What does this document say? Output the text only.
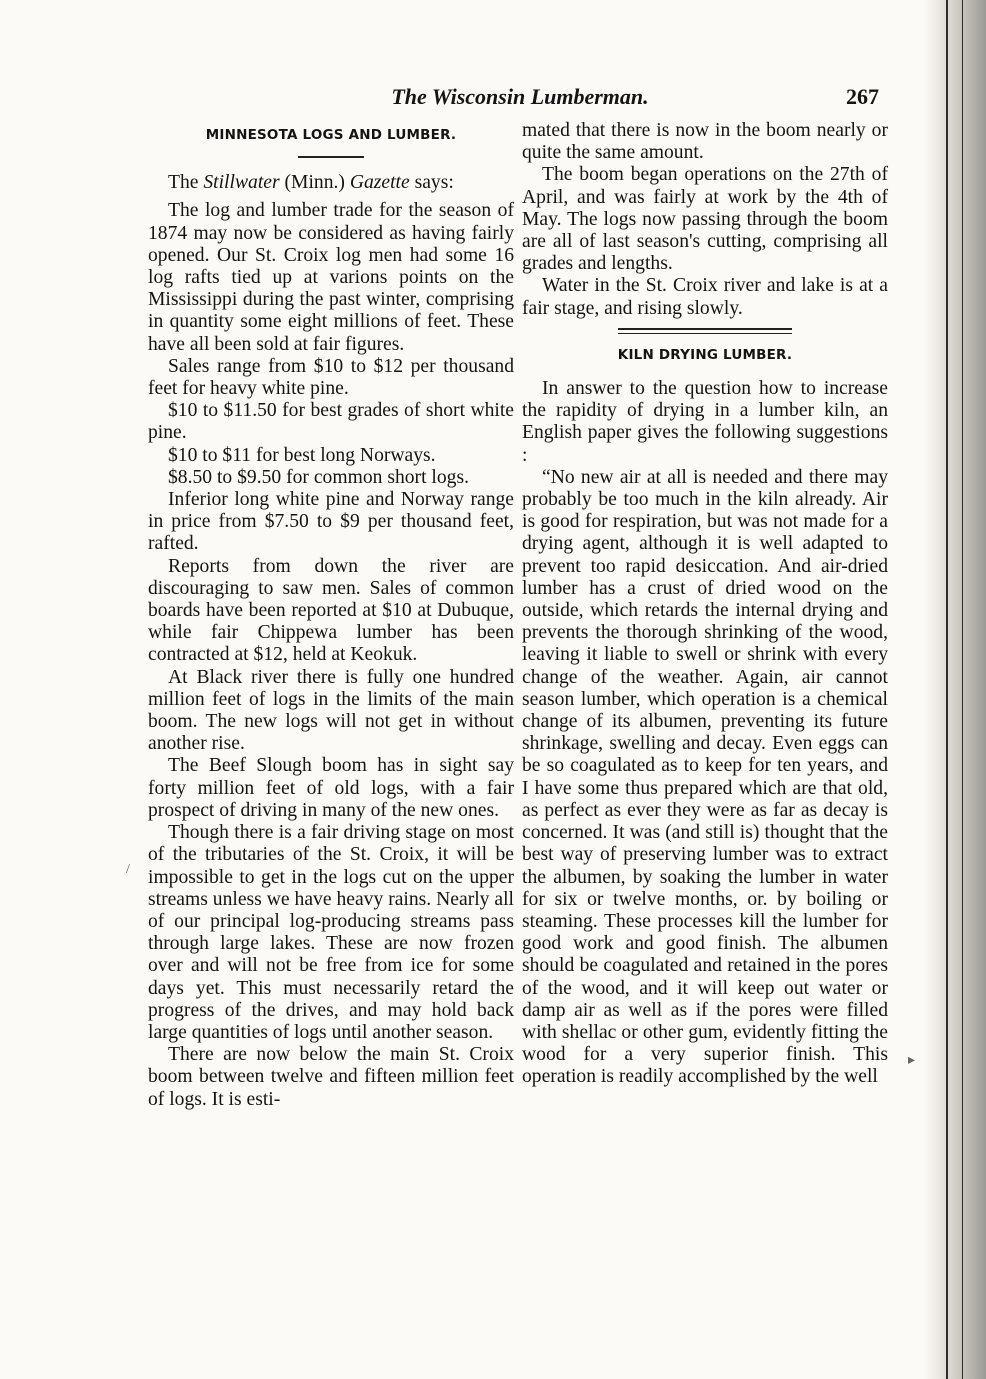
The Wisconsin Lumberman.	267
MINNESOTA LOGS AND LUMBER.

The Stillwater (Minn.) Gazette says:

The log and lumber trade for the season of 1874 may now be considered as having fairly opened. Our St. Croix log men had some 16 log rafts tied up at varions points on the Mississippi during the past winter, comprising in quantity some eight millions of feet. These have all been sold at fair figures.

Sales range from $10 to $12 per thousand feet for heavy white pine.

$10 to $11.50 for best grades of short white pine.

$10 to $11 for best long Norways.

$8.50 to $9.50 for common short logs.

Inferior long white pine and Norway range in price from $7.50 to $9 per thousand feet, rafted.

Reports from down the river are discouraging to saw men. Sales of common boards have been reported at $10 at Dubuque, while fair Chippewa lumber has been contracted at $12, held at Keokuk.

At Black river there is fully one hundred million feet of logs in the limits of the main boom. The new logs will not get in without another rise.

The Beef Slough boom has in sight say forty million feet of old logs, with a fair prospect of driving in many of the new ones.

Though there is a fair driving stage on most of the tributaries of the St. Croix, it will be impossible to get in the logs cut on the upper streams unless we have heavy rains. Nearly all of our principal log-producing streams pass through large lakes. These are now frozen over and will not be free from ice for some days yet. This must necessarily retard the progress of the drives, and may hold back large quantities of logs until another season.

There are now below the main St. Croix boom between twelve and fifteen million feet of logs. It is esti-

mated that there is now in the boom nearly or quite the same amount.

The boom began operations on the 27th of April, and was fairly at work by the 4th of May. The logs now passing through the boom are all of last season's cutting, comprising all grades and lengths.

Water in the St. Croix river and lake is at a fair stage, and rising slowly.

KILN DRYING LUMBER.

In answer to the question how to increase the rapidity of drying in a lumber kiln, an English paper gives the following suggestions :

“No new air at all is needed and there may probably be too much in the kiln already. Air is good for respiration, but was not made for a drying agent, although it is well adapted to prevent too rapid desiccation. And air-dried lumber has a crust of dried wood on the outside, which retards the internal drying and prevents the thorough shrinking of the wood, leaving it liable to swell or shrink with every change of the weather. Again, air cannot season lumber, which operation is a chemical change of its albumen, preventing its future shrinkage, swelling and decay. Even eggs can be so coagulated as to keep for ten years, and I have some thus prepared which are that old, as perfect as ever they were as far as decay is concerned. It was (and still is) thought that the best way of preserving lumber was to extract the albumen, by soaking the lumber in water for six or twelve months, or. by boiling or steaming. These processes kill the lumber for good work and good finish. The albumen should be coagulated and retained in the pores of the wood, and it will keep out water or damp air as well as if the pores were filled with shellac or other gum, evidently fitting the wood for a very superior finish. This operation is readily accomplished by the well

/
▸
